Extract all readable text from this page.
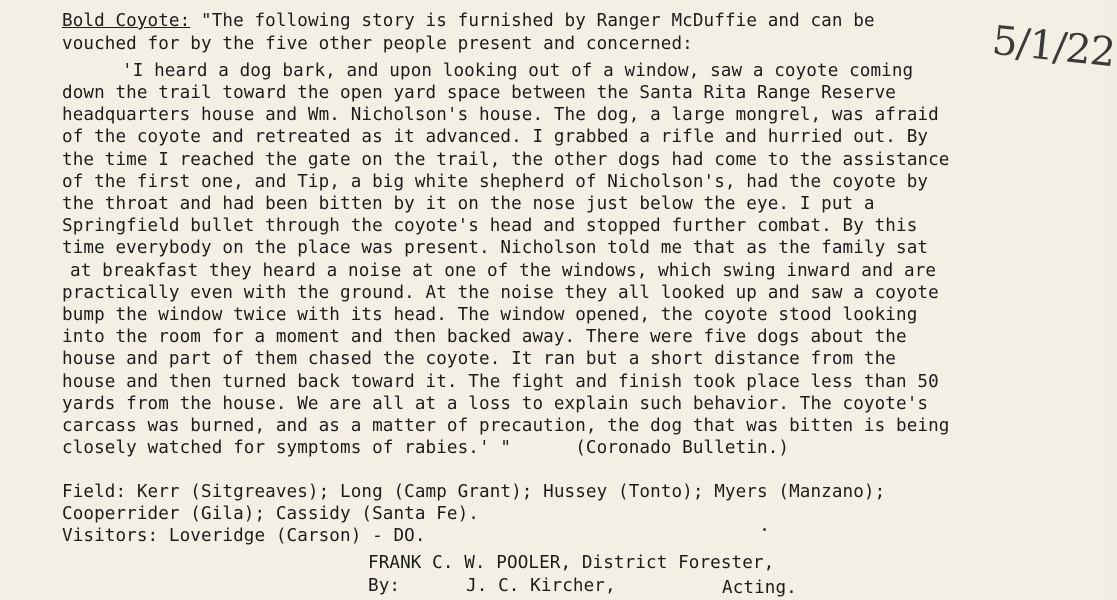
5/1/22
Bold Coyote: "The following story is furnished by Ranger McDuffie and can be
vouched for by the five other people present and concerned:
'I heard a dog bark, and upon looking out of a window, saw a coyote coming
down the trail toward the open yard space between the Santa Rita Range Reserve
headquarters house and Wm. Nicholson's house. The dog, a large mongrel, was afraid
of the coyote and retreated as it advanced. I grabbed a rifle and hurried out. By
the time I reached the gate on the trail, the other dogs had come to the assistance
of the first one, and Tip, a big white shepherd of Nicholson's, had the coyote by
the throat and had been bitten by it on the nose just below the eye. I put a
Springfield bullet through the coyote's head and stopped further combat. By this
time everybody on the place was present. Nicholson told me that as the family sat
at breakfast they heard a noise at one of the windows, which swing inward and are
practically even with the ground. At the noise they all looked up and saw a coyote
bump the window twice with its head. The window opened, the coyote stood looking
into the room for a moment and then backed away. There were five dogs about the
house and part of them chased the coyote. It ran but a short distance from the
house and then turned back toward it. The fight and finish took place less than 50
yards from the house. We are all at a loss to explain such behavior. The coyote's
carcass was burned, and as a matter of precaution, the dog that was bitten is being
closely watched for symptoms of rabies.' "      (Coronado Bulletin.)
Field: Kerr (Sitgreaves); Long (Camp Grant); Hussey (Tonto); Myers (Manzano);
Cooperrider (Gila); Cassidy (Santa Fe).
Visitors: Loveridge (Carson) - DO.
FRANK C. W. POOLER, District Forester,
By:	J. C. Kircher,	Acting.
